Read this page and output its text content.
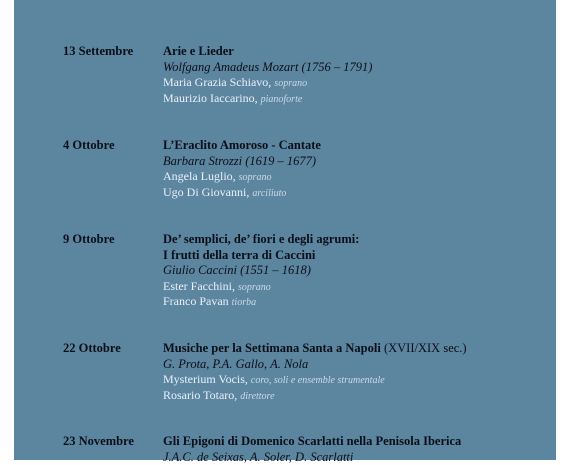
13 Settembre Arie e Lieder
Wolfgang Amadeus Mozart (1756 – 1791)
Maria Grazia Schiavo, soprano
Maurizio Iaccarino, pianoforte
4 Ottobre	L’Eraclito Amoroso - Cantate
Barbara Strozzi (1619 – 1677)
Angela Luglio, soprano
Ugo Di Giovanni, arciliuto
9 Ottobre	De’ semplici, de’ fiori e degli agrumi:
I frutti della terra di Caccini
Giulio Caccini (1551 – 1618)
Ester Facchini, soprano
Franco Pavan tiorba
22 Ottobre	Musiche per la Settimana Santa a Napoli (XVII/XIX sec.)
G. Prota, P.A. Gallo, A. Nola
Mysterium Vocis, coro, soli e ensemble strumentale
Rosario Totaro, direttore
23 Novembre Gli Epigoni di Domenico Scarlatti nella Penisola Iberica
J.A.C. de Seixas, A. Soler, D. Scarlatti
